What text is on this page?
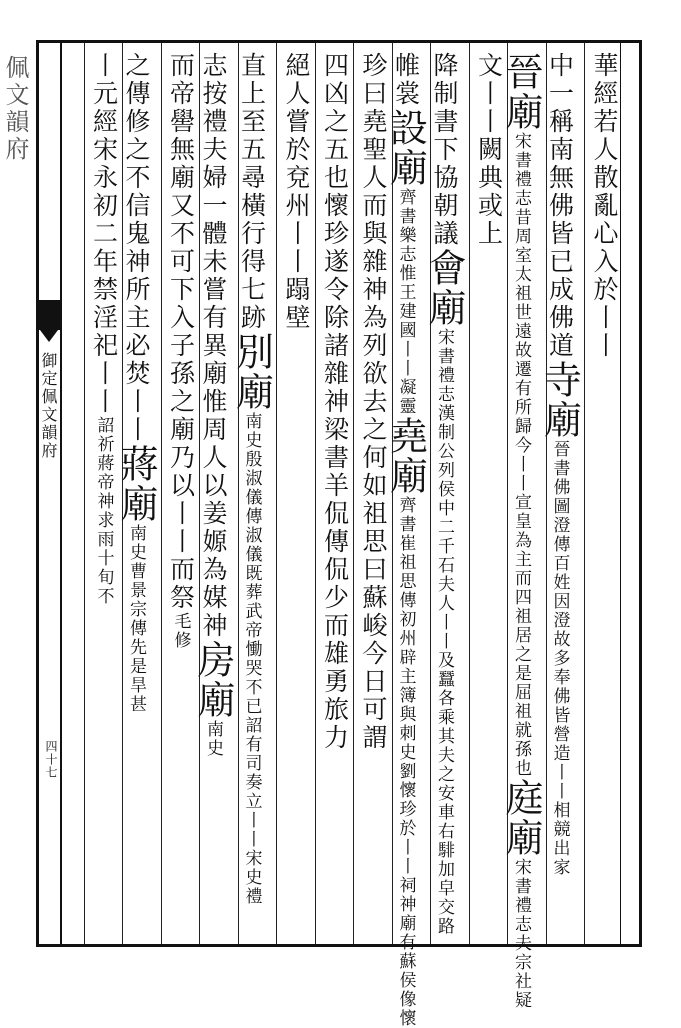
佩文韻府
御定佩文韻府
四十七
華經若人散亂心入於丨丨
中一稱南無佛皆已成佛道寺廟晉書佛圖澄傳百姓因澄故多奉佛皆營造丨丨相競出家
晉廟宋書禮志昔周室太祖世遠故遷有所歸今丨丨宣皇為主而四祖居之是屈祖就孫也庭廟宋書禮志夫宗社疑
文丨丨闕典或上
降制書下協朝議會廟宋書禮志漢制公列侯中二千石夫人丨丨及蠶各乘其夫之安車右騑加皁交路
帷裳設廟齊書樂志惟王建國丨丨凝靈堯廟齊書崔祖思傳初州辟主簿與刺史劉懷珍於丨丨祠神廟有蘇侯像懷
珍曰堯聖人而與雜神為列欲去之何如祖思曰蘇峻今日可謂
四凶之五也懷珍遂令除諸雜神梁書羊侃傳侃少而雄勇旅力
絕人嘗於兗州丨丨蹋壁
直上至五尋橫行得七跡別廟南史殷淑儀傳淑儀既葬武帝慟哭不已詔有司奏立丨丨宋史禮
志按禮夫婦一體未嘗有異廟惟周人以姜嫄為媒神房廟南史
而帝嚳無廟又不可下入子孫之廟乃以丨丨而祭毛修
之傳修之不信鬼神所主必焚丨丨蔣廟南史曹景宗傳先是旱甚
丨元經宋永初二年禁淫祀丨丨詔祈蔣帝神求雨十旬不
